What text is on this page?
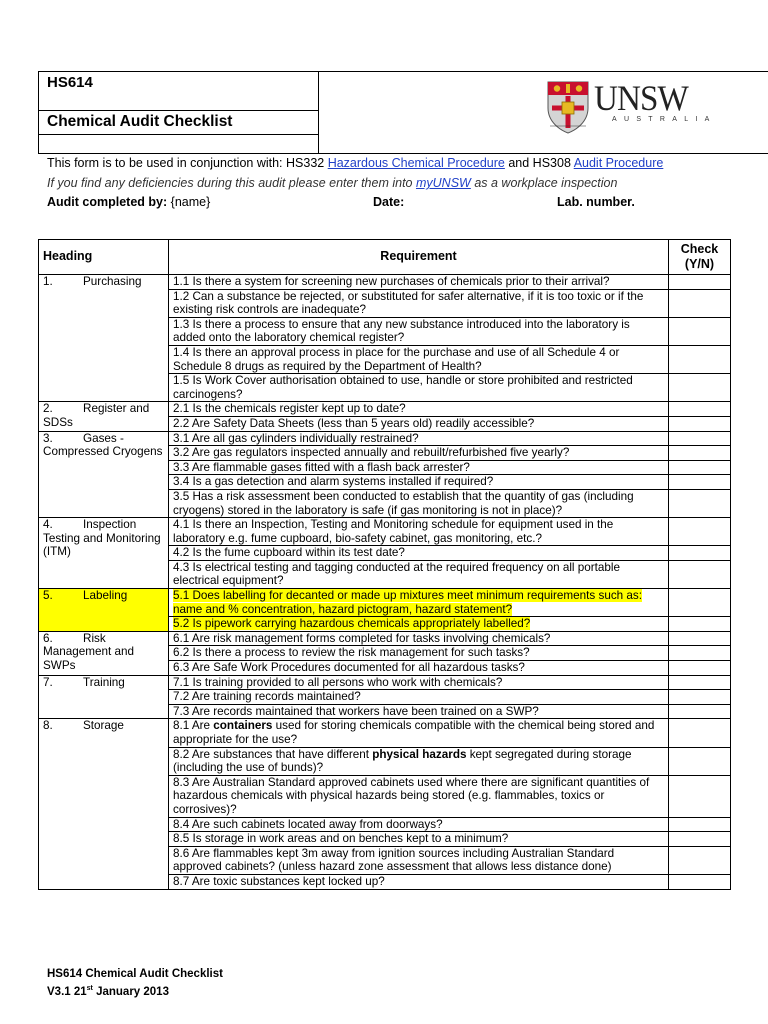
HS614
Chemical Audit Checklist
UNSW
AUSTRALIA
This form is to be used in conjunction with: HS332 Hazardous Chemical Procedure and HS308 Audit Procedure
If you find any deficiencies during this audit please enter them into myUNSW as a workplace inspection
Audit completed by: {name}	Date:	Lab. number.
Heading	Requirement	Check (Y/N)
1. Purchasing	1.1 Is there a system for screening new purchases of chemicals prior to their arrival?	
	1.2 Can a substance be rejected, or substituted for safer alternative, if it is too toxic or if the existing risk controls are inadequate?	
	1.3 Is there a process to ensure that any new substance introduced into the laboratory is added onto the laboratory chemical register?	
	1.4 Is there an approval process in place for the purchase and use of all Schedule 4 or Schedule 8 drugs as required by the Department of Health?	
	1.5 Is Work Cover authorisation obtained to use, handle or store prohibited and restricted carcinogens?	
2. Register and SDSs	2.1 Is the chemicals register kept up to date?	
	2.2 Are Safety Data Sheets (less than 5 years old) readily accessible?	
3. Gases - Compressed Cryogens	3.1 Are all gas cylinders individually restrained?	
	3.2 Are gas regulators inspected annually and rebuilt/refurbished five yearly?	
	3.3 Are flammable gases fitted with a flash back arrester?	
	3.4 Is a gas detection and alarm systems installed if required?	
	3.5 Has a risk assessment been conducted to establish that the quantity of gas (including cryogens) stored in the laboratory is safe (if gas monitoring is not in place)?	
4. Inspection Testing and Monitoring (ITM)	4.1 Is there an Inspection, Testing and Monitoring schedule for equipment used in the laboratory e.g. fume cupboard, bio-safety cabinet, gas monitoring, etc.?	
	4.2 Is the fume cupboard within its test date?	
	4.3 Is electrical testing and tagging conducted at the required frequency on all portable electrical equipment?	
5. Labeling	5.1 Does labelling for decanted or made up mixtures meet minimum requirements such as: name and % concentration, hazard pictogram, hazard statement?	
	5.2 Is pipework carrying hazardous chemicals appropriately labelled?	
6. Risk Management and SWPs	6.1 Are risk management forms completed for tasks involving chemicals?	
	6.2 Is there a process to review the risk management for such tasks?	
	6.3 Are Safe Work Procedures documented for all hazardous tasks?	
7. Training	7.1 Is training provided to all persons who work with chemicals?	
	7.2 Are training records maintained?	
	7.3 Are records maintained that workers have been trained on a SWP?	
8. Storage	8.1 Are containers used for storing chemicals compatible with the chemical being stored and appropriate for the use?	
	8.2 Are substances that have different physical hazards kept segregated during storage (including the use of bunds)?	
	8.3 Are Australian Standard approved cabinets used where there are significant quantities of hazardous chemicals with physical hazards being stored (e.g. flammables, toxics or corrosives)?	
	8.4 Are such cabinets located away from doorways?	
	8.5 Is storage in work areas and on benches kept to a minimum?	
	8.6 Are flammables kept 3m away from ignition sources including Australian Standard approved cabinets? (unless hazard zone assessment that allows less distance done)	
	8.7 Are toxic substances kept locked up?	
HS614 Chemical Audit Checklist
V3.1 21st January 2013
